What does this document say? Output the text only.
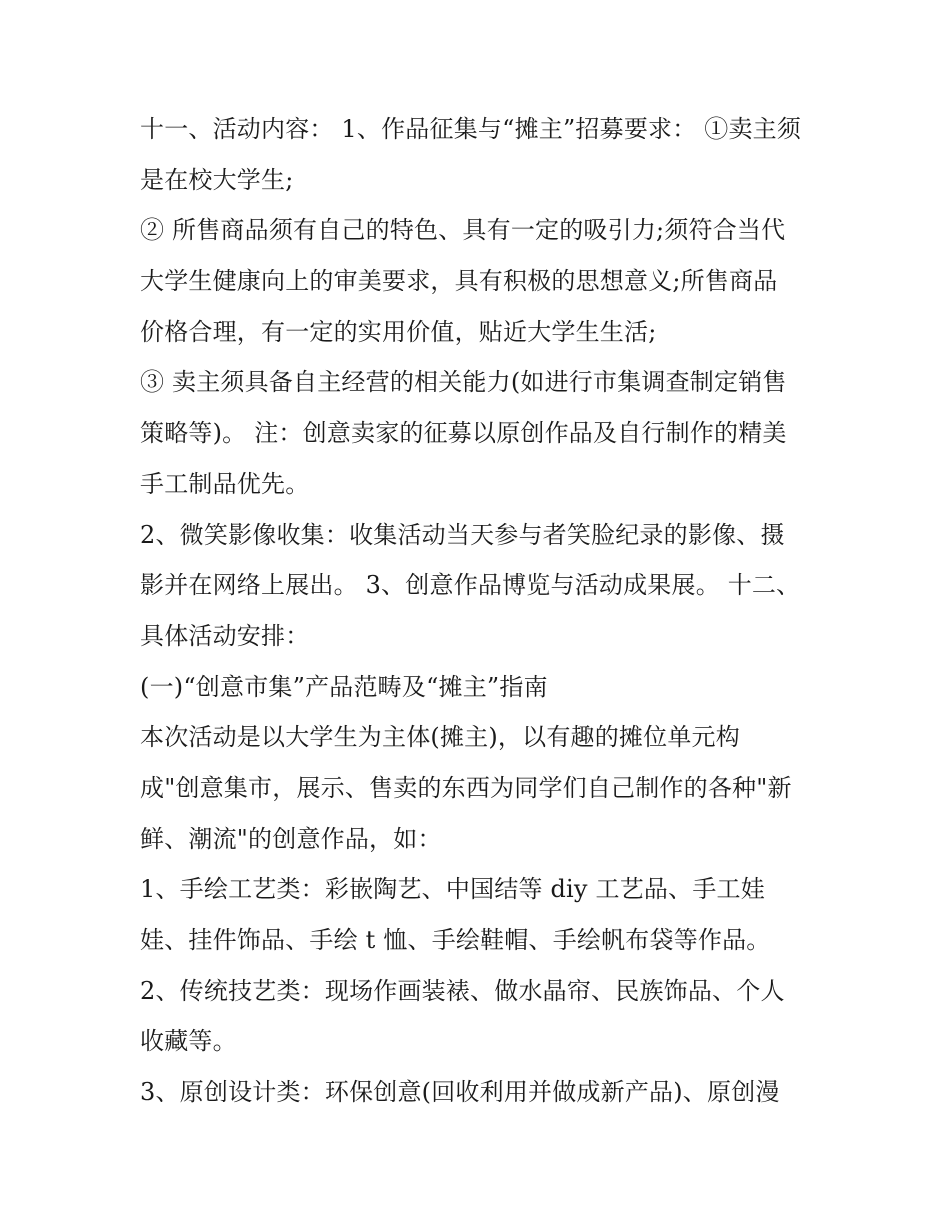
十一、活动内容： 1、作品征集与“摊主”招募要求： ①卖主须
是在校大学生;
② 所售商品须有自己的特色、具有一定的吸引力;须符合当代
大学生健康向上的审美要求，具有积极的思想意义;所售商品
价格合理，有一定的实用价值，贴近大学生生活;
③ 卖主须具备自主经营的相关能力(如进行市集调查制定销售
策略等)。 注：创意卖家的征募以原创作品及自行制作的精美
手工制品优先。
2、微笑影像收集：收集活动当天参与者笑脸纪录的影像、摄
影并在网络上展出。 3、创意作品博览与活动成果展。 十二、
具体活动安排：
(一)“创意市集”产品范畴及“摊主”指南
本次活动是以大学生为主体(摊主)，以有趣的摊位单元构
成"创意集市，展示、售卖的东西为同学们自己制作的各种"新
鲜、潮流"的创意作品，如：
1、手绘工艺类：彩嵌陶艺、中国结等 diy 工艺品、手工娃
娃、挂件饰品、手绘 t 恤、手绘鞋帽、手绘帆布袋等作品。
2、传统技艺类：现场作画装裱、做水晶帘、民族饰品、个人
收藏等。
3、原创设计类：环保创意(回收利用并做成新产品)、原创漫
